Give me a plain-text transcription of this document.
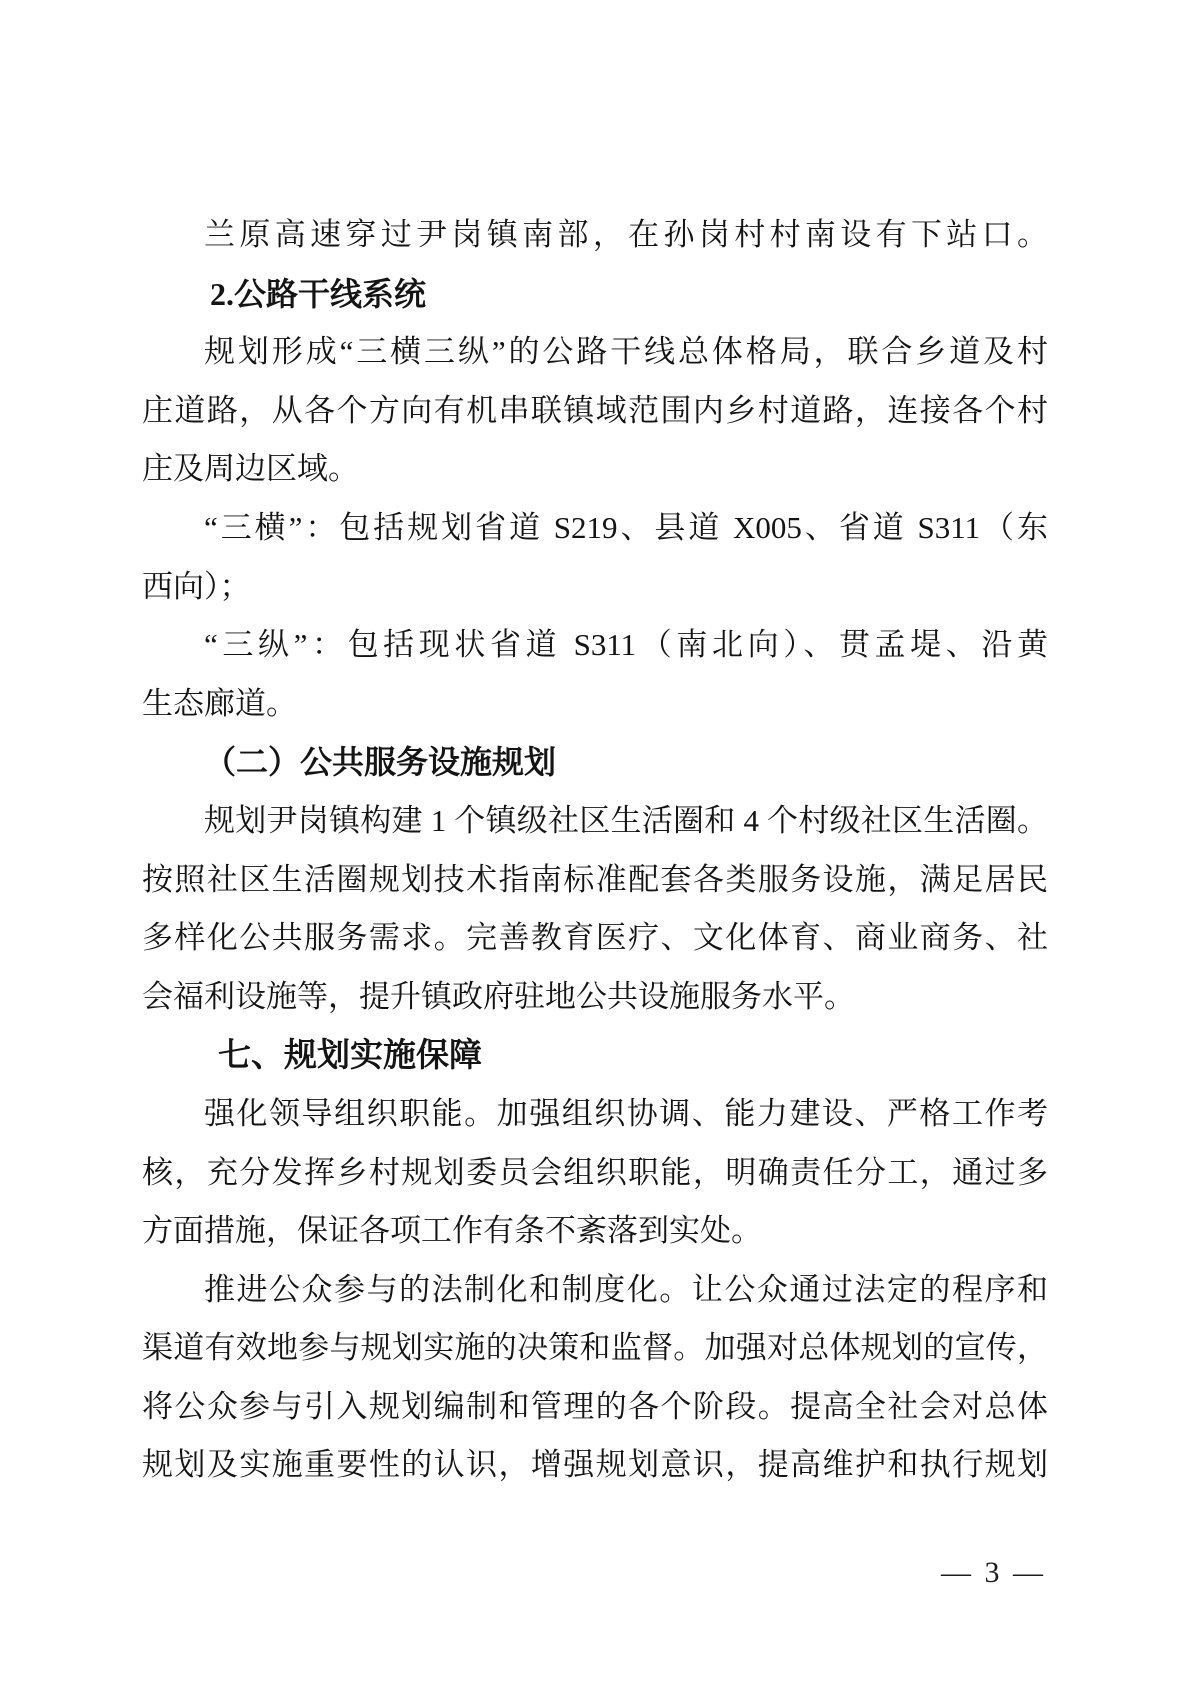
兰原高速穿过尹岗镇南部，在孙岗村村南设有下站口。
2.公路干线系统
规划形成“三横三纵”的公路干线总体格局，联合乡道及村
庄道路，从各个方向有机串联镇域范围内乡村道路，连接各个村
庄及周边区域。
“三横”：包括规划省道 S219、县道 X005、省道 S311（东
西向）；
“三纵”：包括现状省道 S311（南北向）、贯孟堤、沿黄
生态廊道。
（二）公共服务设施规划
规划尹岗镇构建 1 个镇级社区生活圈和 4 个村级社区生活圈。
按照社区生活圈规划技术指南标准配套各类服务设施，满足居民
多样化公共服务需求。完善教育医疗、文化体育、商业商务、社
会福利设施等，提升镇政府驻地公共设施服务水平。
七、规划实施保障
强化领导组织职能。加强组织协调、能力建设、严格工作考
核，充分发挥乡村规划委员会组织职能，明确责任分工，通过多
方面措施，保证各项工作有条不紊落到实处。
推进公众参与的法制化和制度化。让公众通过法定的程序和
渠道有效地参与规划实施的决策和监督。加强对总体规划的宣传，
将公众参与引入规划编制和管理的各个阶段。提高全社会对总体
规划及实施重要性的认识，增强规划意识，提高维护和执行规划
— 3 —
